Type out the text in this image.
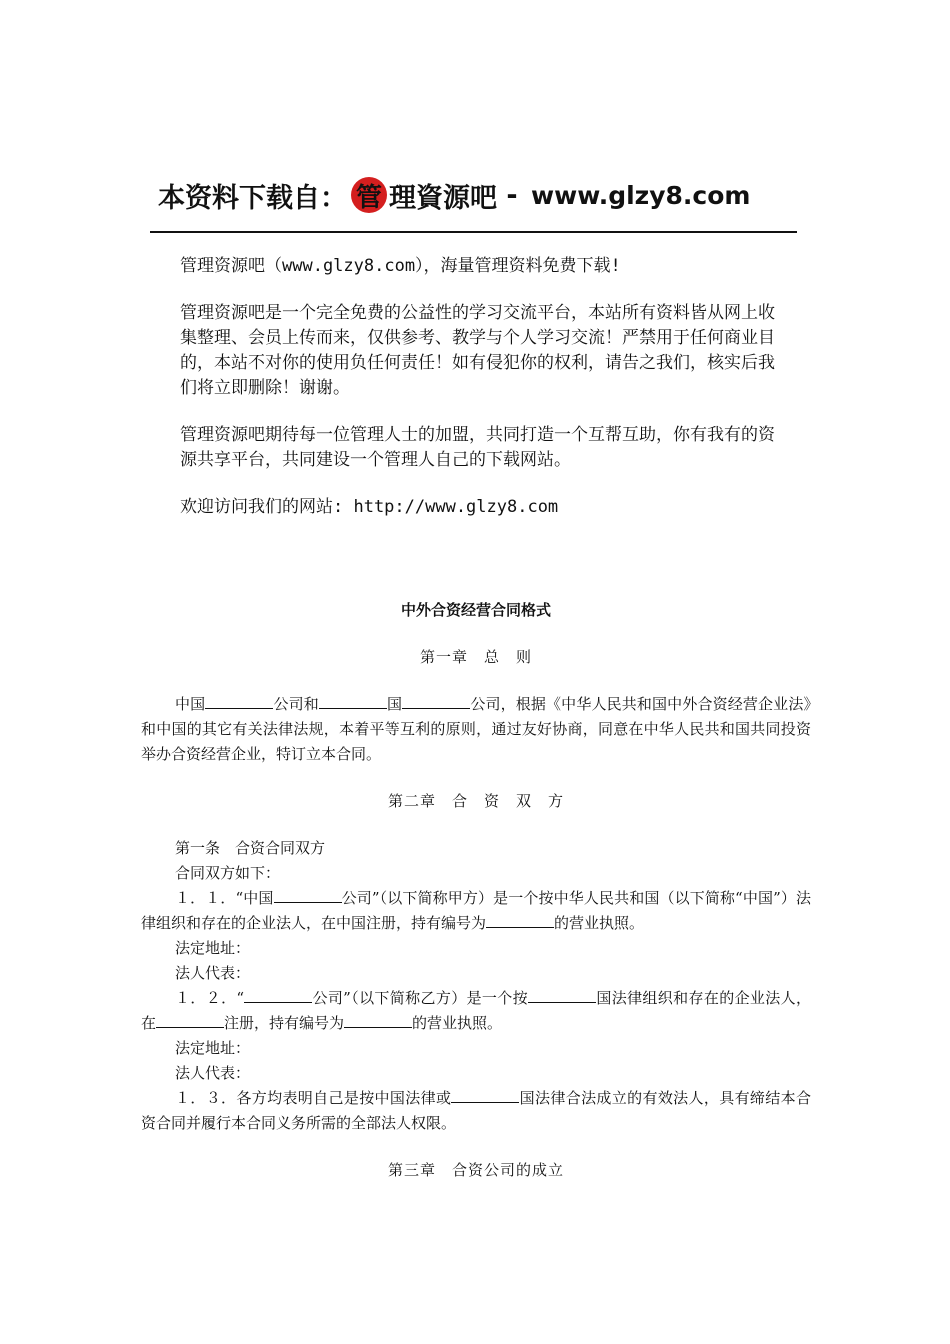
本资料下载自： 管 理資源吧 - www.glzy8.com

管理资源吧（www.glzy8.com），海量管理资料免费下载!

管理资源吧是一个完全免费的公益性的学习交流平台，本站所有资料皆从网上收集整理、会员上传而来，仅供参考、教学与个人学习交流！严禁用于任何商业目的，本站不对你的使用负任何责任！如有侵犯你的权利，请告之我们，核实后我们将立即删除！谢谢。

管理资源吧期待每一位管理人士的加盟，共同打造一个互帮互助，你有我有的资源共享平台，共同建设一个管理人自己的下载网站。

欢迎访问我们的网站: http://www.glzy8.com

中外合资经营合同格式
第一章　总　则
中国	公司和	国	公司，根据《中华人民共和国中外合资经营企业法》和中国的其它有关法律法规，本着平等互利的原则，通过友好协商，同意在中华人民共和国共同投资举办合资经营企业，特订立本合同。
第二章　合　资　双　方
第一条　合资合同双方
合同双方如下：
１．１．“中国	公司”（以下简称甲方）是一个按中华人民共和国（以下简称“中国”）法律组织和存在的企业法人，在中国注册，持有编号为	的营业执照。
法定地址：
法人代表：
１．２．“	公司”（以下简称乙方）是一个按	国法律组织和存在的企业法人，在	注册，持有编号为	的营业执照。
法定地址：
法人代表：
１．３．各方均表明自己是按中国法律或	国法律合法成立的有效法人，具有缔结本合资合同并履行本合同义务所需的全部法人权限。
第三章　合资公司的成立
